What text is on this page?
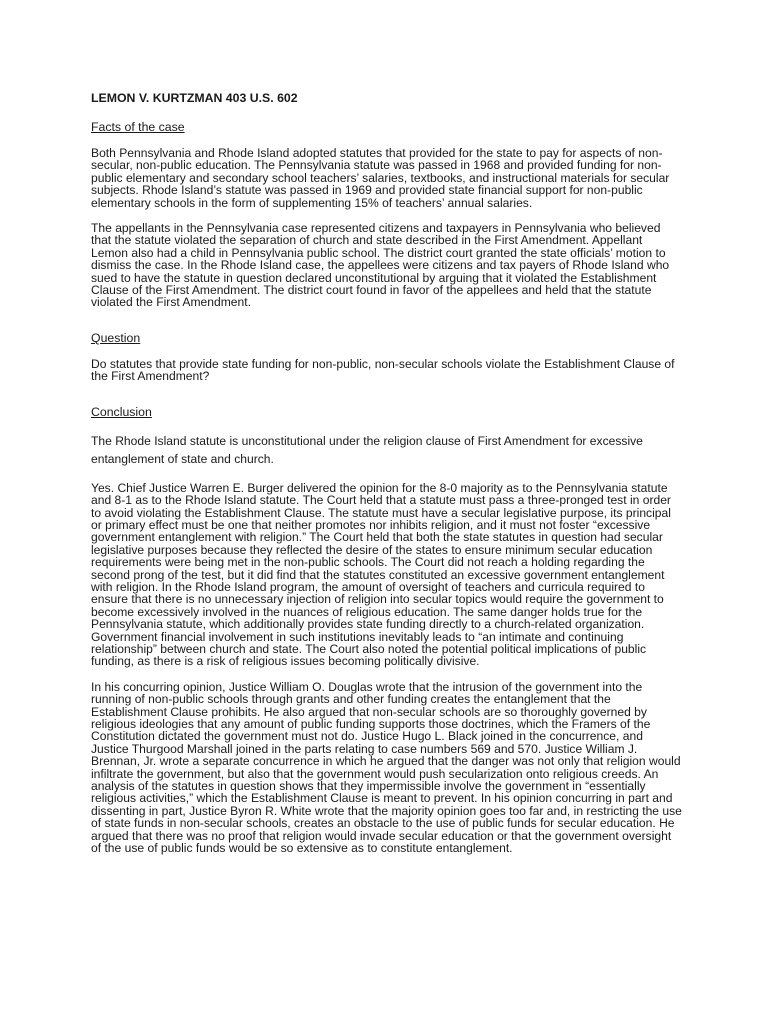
LEMON V. KURTZMAN 403 U.S. 602
Facts of the case

Both Pennsylvania and Rhode Island adopted statutes that provided for the state to pay for aspects of non-secular, non-public education. The Pennsylvania statute was passed in 1968 and provided funding for non-public elementary and secondary school teachers’ salaries, textbooks, and instructional materials for secular subjects. Rhode Island’s statute was passed in 1969 and provided state financial support for non-public elementary schools in the form of supplementing 15% of teachers’ annual salaries.

The appellants in the Pennsylvania case represented citizens and taxpayers in Pennsylvania who believed that the statute violated the separation of church and state described in the First Amendment. Appellant Lemon also had a child in Pennsylvania public school. The district court granted the state officials’ motion to dismiss the case. In the Rhode Island case, the appellees were citizens and tax payers of Rhode Island who sued to have the statute in question declared unconstitutional by arguing that it violated the Establishment Clause of the First Amendment. The district court found in favor of the appellees and held that the statute violated the First Amendment.

Question

Do statutes that provide state funding for non-public, non-secular schools violate the Establishment Clause of the First Amendment?

Conclusion

The Rhode Island statute is unconstitutional under the religion clause of First Amendment for excessive entanglement of state and church.

Yes. Chief Justice Warren E. Burger delivered the opinion for the 8-0 majority as to the Pennsylvania statute and 8-1 as to the Rhode Island statute. The Court held that a statute must pass a three-pronged test in order to avoid violating the Establishment Clause. The statute must have a secular legislative purpose, its principal or primary effect must be one that neither promotes nor inhibits religion, and it must not foster “excessive government entanglement with religion.” The Court held that both the state statutes in question had secular legislative purposes because they reflected the desire of the states to ensure minimum secular education requirements were being met in the non-public schools. The Court did not reach a holding regarding the second prong of the test, but it did find that the statutes constituted an excessive government entanglement with religion. In the Rhode Island program, the amount of oversight of teachers and curricula required to ensure that there is no unnecessary injection of religion into secular topics would require the government to become excessively involved in the nuances of religious education. The same danger holds true for the Pennsylvania statute, which additionally provides state funding directly to a church-related organization. Government financial involvement in such institutions inevitably leads to “an intimate and continuing relationship” between church and state. The Court also noted the potential political implications of public funding, as there is a risk of religious issues becoming politically divisive.

In his concurring opinion, Justice William O. Douglas wrote that the intrusion of the government into the running of non-public schools through grants and other funding creates the entanglement that the Establishment Clause prohibits. He also argued that non-secular schools are so thoroughly governed by religious ideologies that any amount of public funding supports those doctrines, which the Framers of the Constitution dictated the government must not do. Justice Hugo L. Black joined in the concurrence, and Justice Thurgood Marshall joined in the parts relating to case numbers 569 and 570. Justice William J. Brennan, Jr. wrote a separate concurrence in which he argued that the danger was not only that religion would infiltrate the government, but also that the government would push secularization onto religious creeds. An analysis of the statutes in question shows that they impermissible involve the government in “essentially religious activities,” which the Establishment Clause is meant to prevent. In his opinion concurring in part and dissenting in part, Justice Byron R. White wrote that the majority opinion goes too far and, in restricting the use of state funds in non-secular schools, creates an obstacle to the use of public funds for secular education. He argued that there was no proof that religion would invade secular education or that the government oversight of the use of public funds would be so extensive as to constitute entanglement.
